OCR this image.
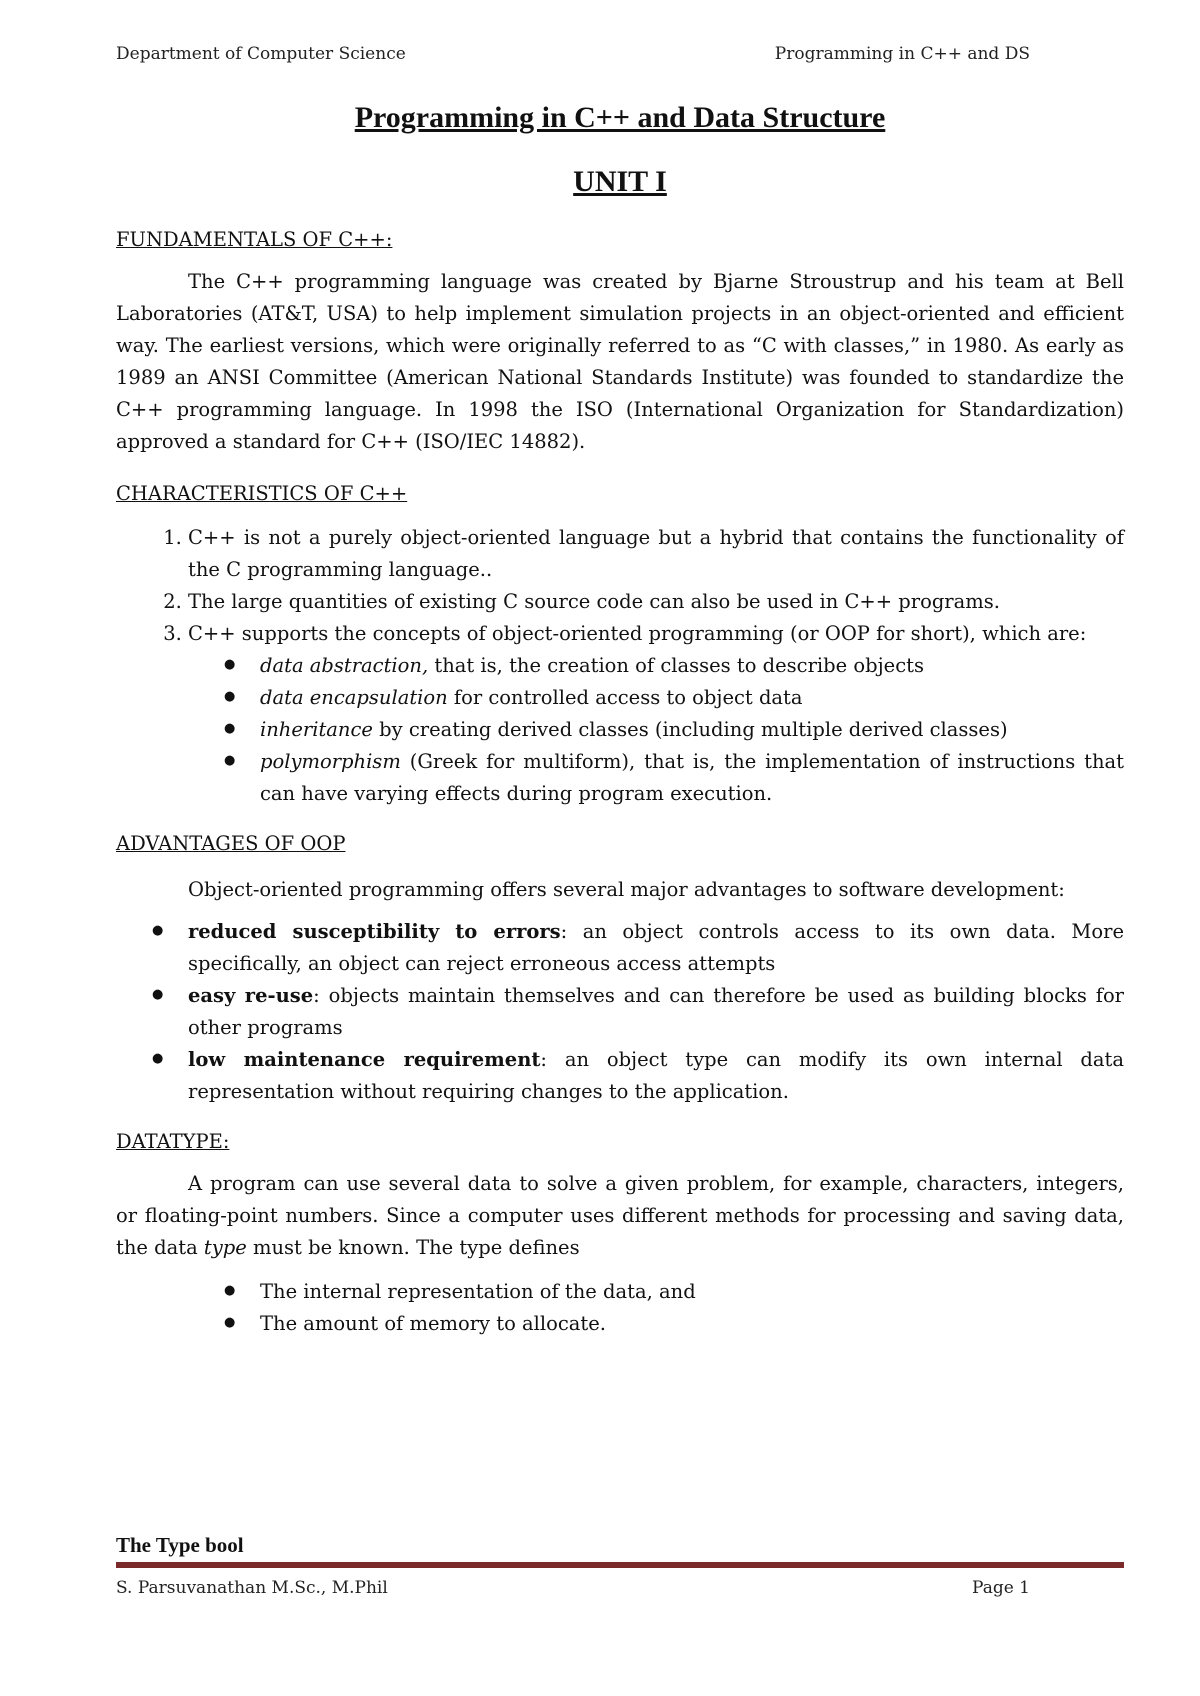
Department of Computer Science	Programming in C++ and DS
Programming in C++ and Data Structure
UNIT I
FUNDAMENTALS OF C++:

The C++ programming language was created by Bjarne Stroustrup and his team at Bell Laboratories (AT&T, USA) to help implement simulation projects in an object-oriented and efficient way. The earliest versions, which were originally referred to as “C with classes,” in 1980. As early as 1989 an ANSI Committee (American National Standards Institute) was founded to standardize the C++ programming language. In 1998 the ISO (International Organization for Standardization) approved a standard for C++ (ISO/IEC 14882).

CHARACTERISTICS OF C++
1. C++ is not a purely object-oriented language but a hybrid that contains the functionality of the C programming language..
2. The large quantities of existing C source code can also be used in C++ programs.
3. C++ supports the concepts of object-oriented programming (or OOP for short), which are:
● data abstraction, that is, the creation of classes to describe objects
● data encapsulation for controlled access to object data
● inheritance by creating derived classes (including multiple derived classes)
● polymorphism (Greek for multiform), that is, the implementation of instructions that can have varying effects during program execution.
ADVANTAGES OF OOP

Object-oriented programming offers several major advantages to software development:

● reduced susceptibility to errors: an object controls access to its own data. More specifically, an object can reject erroneous access attempts
● easy re-use: objects maintain themselves and can therefore be used as building blocks for other programs
● low maintenance requirement: an object type can modify its own internal data representation without requiring changes to the application.
DATATYPE:

A program can use several data to solve a given problem, for example, characters, integers, or floating-point numbers. Since a computer uses different methods for processing and saving data, the data type must be known. The type defines

● The internal representation of the data, and
● The amount of memory to allocate.
The Type bool
S. Parsuvanathan M.Sc., M.Phil	Page 1
